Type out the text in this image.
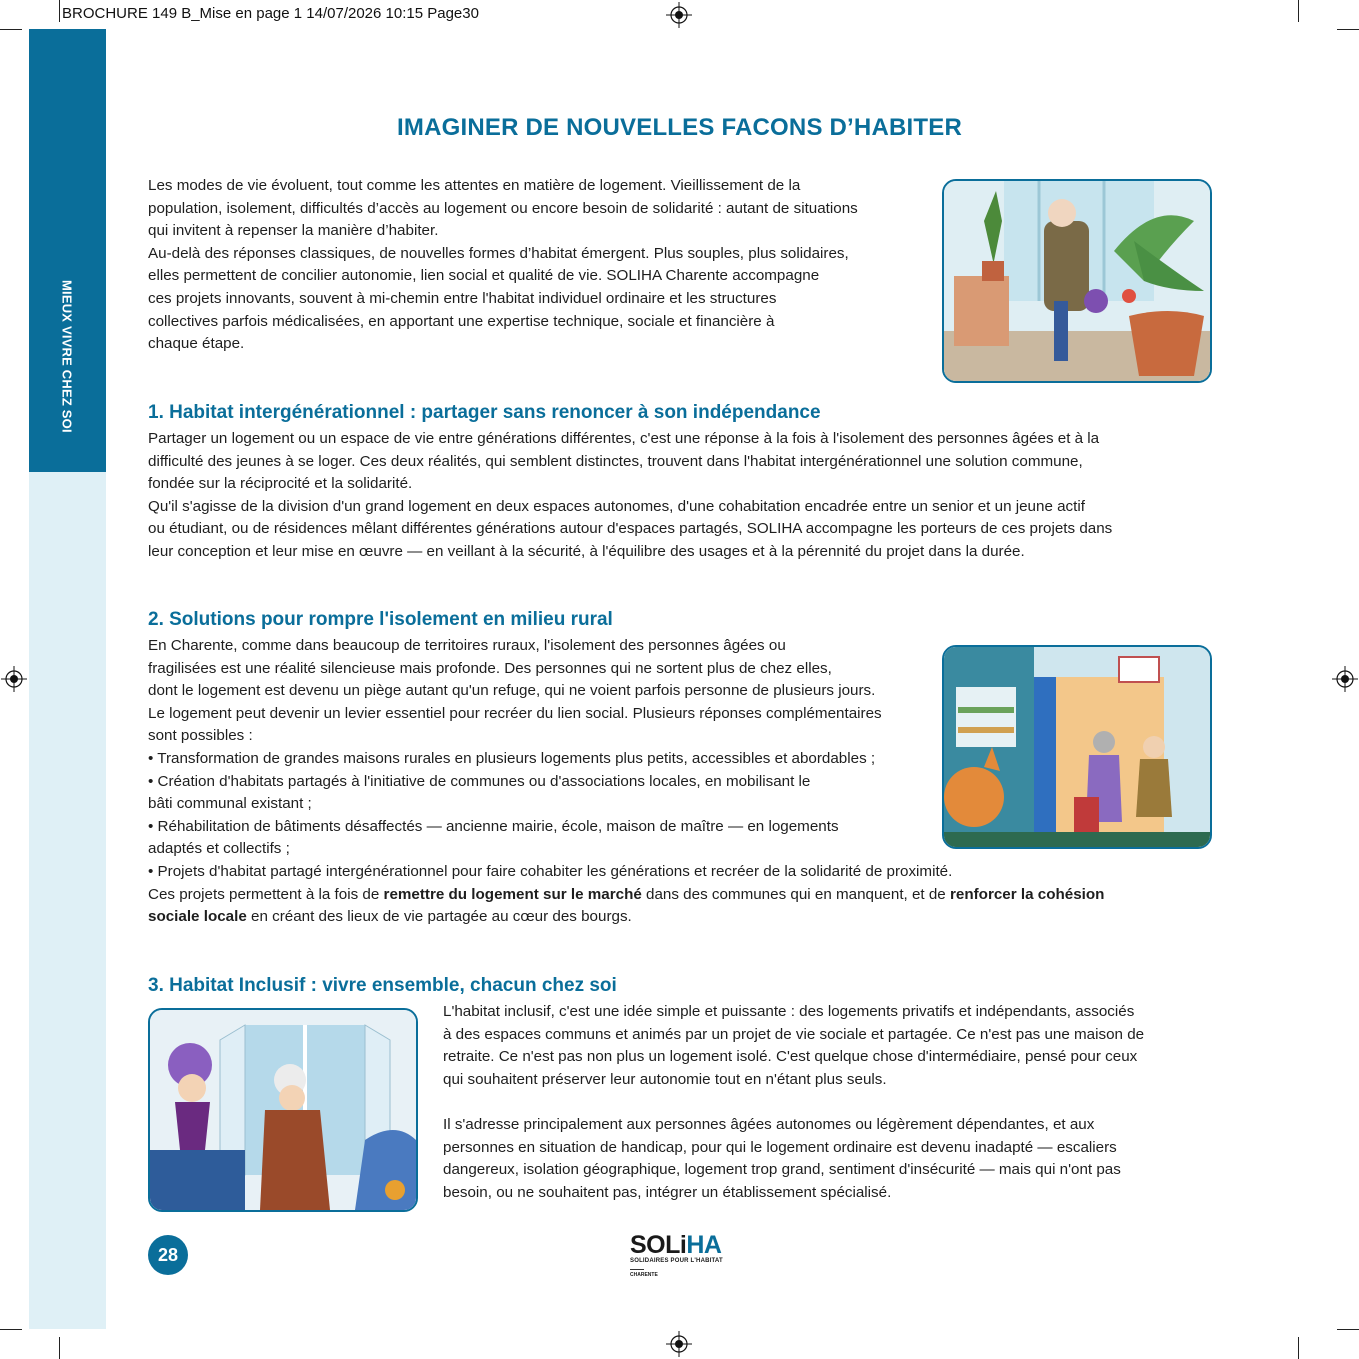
BROCHURE 149 B_Mise en page 1 14/07/2026 10:15 Page30
MIEUX VIVRE CHEZ SOI
IMAGINER DE NOUVELLES FACONS D’HABITER
Les modes de vie évoluent, tout comme les attentes en matière de logement. Vieillissement de la
population, isolement, difficultés d’accès au logement ou encore besoin de solidarité : autant de situations
qui invitent à repenser la manière d’habiter.
Au-delà des réponses classiques, de nouvelles formes d’habitat émergent. Plus souples, plus solidaires,
elles permettent de concilier autonomie, lien social et qualité de vie. SOLIHA Charente accompagne
ces projets innovants, souvent à mi-chemin entre l'habitat individuel ordinaire et les structures
collectives parfois médicalisées, en apportant une expertise technique, sociale et financière à
chaque étape.
1. Habitat intergénérationnel : partager sans renoncer à son indépendance
Partager un logement ou un espace de vie entre générations différentes, c'est une réponse à la fois à l'isolement des personnes âgées et à la
difficulté des jeunes à se loger. Ces deux réalités, qui semblent distinctes, trouvent dans l'habitat intergénérationnel une solution commune,
fondée sur la réciprocité et la solidarité.
Qu'il s'agisse de la division d'un grand logement en deux espaces autonomes, d'une cohabitation encadrée entre un senior et un jeune actif
ou étudiant, ou de résidences mêlant différentes générations autour d'espaces partagés, SOLIHA accompagne les porteurs de ces projets dans
leur conception et leur mise en œuvre — en veillant à la sécurité, à l'équilibre des usages et à la pérennité du projet dans la durée.
2. Solutions pour rompre l'isolement en milieu rural
En Charente, comme dans beaucoup de territoires ruraux, l'isolement des personnes âgées ou
fragilisées est une réalité silencieuse mais profonde. Des personnes qui ne sortent plus de chez elles,
dont le logement est devenu un piège autant qu'un refuge, qui ne voient parfois personne de plusieurs jours.
Le logement peut devenir un levier essentiel pour recréer du lien social. Plusieurs réponses complémentaires
sont possibles :
• Transformation de grandes maisons rurales en plusieurs logements plus petits, accessibles et abordables ;
• Création d'habitats partagés à l'initiative de communes ou d'associations locales, en mobilisant le
bâti communal existant ;
• Réhabilitation de bâtiments désaffectés — ancienne mairie, école, maison de maître — en logements
adaptés et collectifs ;
• Projets d'habitat partagé intergénérationnel pour faire cohabiter les générations et recréer de la solidarité de proximité.
Ces projets permettent à la fois de remettre du logement sur le marché dans des communes qui en manquent, et de renforcer la cohésion
sociale locale en créant des lieux de vie partagée au cœur des bourgs.
3. Habitat Inclusif : vivre ensemble, chacun chez soi
L'habitat inclusif, c'est une idée simple et puissante : des logements privatifs et indépendants, associés
à des espaces communs et animés par un projet de vie sociale et partagée. Ce n'est pas une maison de
retraite. Ce n'est pas non plus un logement isolé. C'est quelque chose d'intermédiaire, pensé pour ceux
qui souhaitent préserver leur autonomie tout en n'étant plus seuls.
Il s'adresse principalement aux personnes âgées autonomes ou légèrement dépendantes, et aux
personnes en situation de handicap, pour qui le logement ordinaire est devenu inadapté — escaliers
dangereux, isolation géographique, logement trop grand, sentiment d'insécurité — mais qui n'ont pas
besoin, ou ne souhaitent pas, intégrer un établissement spécialisé.
28	SOLiHA
SOLIDAIRES POUR L'HABITAT
CHARENTE
